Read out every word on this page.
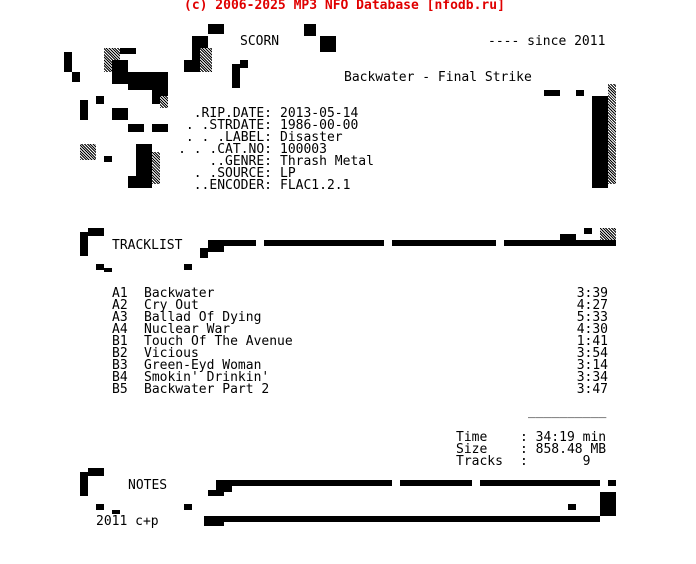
(c) 2006-2025 MP3 NFO Database [nfodb.ru]
SCORN	---- since 2011
Backwater - Final Strike
.RIP.DATE: 2013-05-14
. .STRDATE: 1986-00-00
. . .LABEL: Disaster
. . .CAT.NO: 100003
..GENRE: Thrash Metal
. .SOURCE: LP
..ENCODER: FLAC1.2.1
TRACKLIST
A1 Backwater	3:39
A2 Cry Out	4:27
A3 Ballad Of Dying	5:33
A4 Nuclear War	4:30
B1 Touch Of The Avenue	1:41
B2 Vicious	3:54
B3 Green-Eyd Woman	3:14
B4 Smokin' Drinkin'	3:34
B5 Backwater Part 2	3:47
__________
Time	: 34:19 min
Size	: 858.48 MB
Tracks :       9
NOTES
2011 c+p
